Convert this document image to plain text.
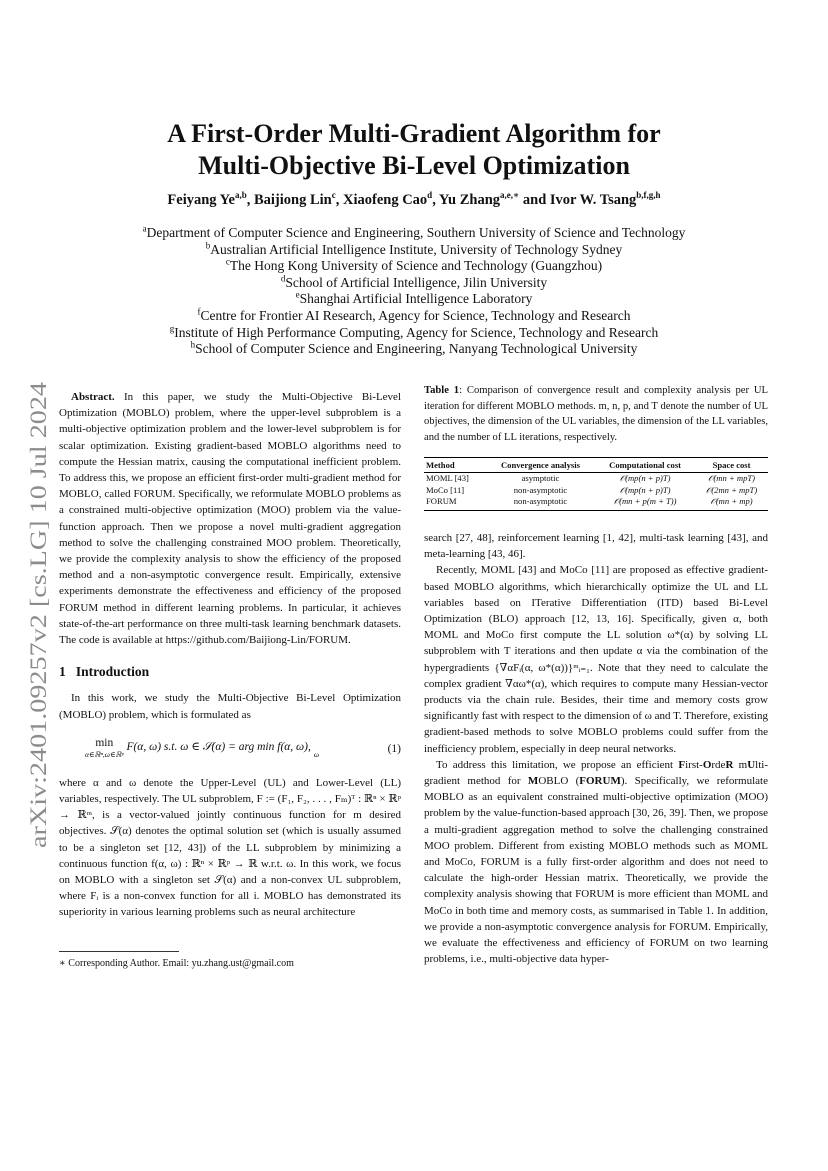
arXiv:2401.09257v2 [cs.LG] 10 Jul 2024
A First-Order Multi-Gradient Algorithm for
Multi-Objective Bi-Level Optimization
Feiyang Ye$^{a,b}$, Baijiong Lin$^c$, Xiaofeng Cao$^d$, Yu Zhang$^{a,e,∗}$ and Ivor W. Tsang$^{b,f,g,h}$
$^a$Department of Computer Science and Engineering, Southern University of Science and Technology
$^b$Australian Artificial Intelligence Institute, University of Technology Sydney
$^c$The Hong Kong University of Science and Technology (Guangzhou)
$^d$School of Artificial Intelligence, Jilin University
$^e$Shanghai Artificial Intelligence Laboratory
$^f$Centre for Frontier AI Research, Agency for Science, Technology and Research
$^g$Institute of High Performance Computing, Agency for Science, Technology and Research
$^h$School of Computer Science and Engineering, Nanyang Technological University

Abstract. In this paper, we study the Multi-Objective Bi-Level Optimization (MOBLO) problem, where the upper-level subproblem is a multi-objective optimization problem and the lower-level subproblem is for scalar optimization. Existing gradient-based MOBLO algorithms need to compute the Hessian matrix, causing the computational inefficient problem. To address this, we propose an efficient first-order multi-gradient method for MOBLO, called FORUM. Specifically, we reformulate MOBLO problems as a constrained multi-objective optimization (MOO) problem via the value-function approach. Then we propose a novel multi-gradient aggregation method to solve the challenging constrained MOO problem. Theoretically, we provide the complexity analysis to show the efficiency of the proposed method and a non-asymptotic convergence result. Empirically, extensive experiments demonstrate the effectiveness and efficiency of the proposed FORUM method in different learning problems. In particular, it achieves state-of-the-art performance on three multi-task learning benchmark datasets. The code is available at https://github.com/Baijiong-Lin/FORUM.

1 Introduction

In this work, we study the Multi-Objective Bi-Level Optimization (MOBLO) problem, which is formulated as

min
α∈ℝⁿ,ω∈ℝᵖ
F(α, ω) s.t. ω ∈ 𝒮(α) = arg min f(α, ω), $_\omega$	(1)

where α and ω denote the Upper-Level (UL) and Lower-Level (LL) variables, respectively. The UL subproblem, F := (F₁, F₂, . . . , Fₘ)ᵀ : ℝⁿ × ℝᵖ → ℝᵐ, is a vector-valued jointly continuous function for m desired objectives. 𝒮(α) denotes the optimal solution set (which is usually assumed to be a singleton set [12, 43]) of the LL subproblem by minimizing a continuous function f(α, ω) : ℝⁿ × ℝᵖ → ℝ w.r.t. ω. In this work, we focus on MOBLO with a singleton set 𝒮(α) and a non-convex UL subproblem, where Fᵢ is a non-convex function for all i. MOBLO has demonstrated its superiority in various learning problems such as neural architecture

∗ Corresponding Author. Email: yu.zhang.ust@gmail.com
Table 1: Comparison of convergence result and complexity analysis per UL iteration for different MOBLO methods. m, n, p, and T denote the number of UL objectives, the dimension of the UL variables, the dimension of the LL variables, and the number of LL iterations, respectively.
Method	Convergence analysis	Computational cost	Space cost
MOML [43]	asymptotic	𝒪(mp(n + p)T)	𝒪(mn + mpT)
MoCo [11]	non-asymptotic	𝒪(mp(n + p)T)	𝒪(2mn + mpT)
FORUM	non-asymptotic	𝒪(mn + p(m + T))	𝒪(mn + mp)

search [27, 48], reinforcement learning [1, 42], multi-task learning [43], and meta-learning [43, 46].

Recently, MOML [43] and MoCo [11] are proposed as effective gradient-based MOBLO algorithms, which hierarchically optimize the UL and LL variables based on ITerative Differentiation (ITD) based Bi-Level Optimization (BLO) approach [12, 13, 16]. Specifically, given α, both MOML and MoCo first compute the LL solution ω*(α) by solving LL subproblem with T iterations and then update α via the combination of the hypergradients {∇αFᵢ(α, ω*(α))}ᵐᵢ₌₁. Note that they need to calculate the complex gradient ∇αω*(α), which requires to compute many Hessian-vector products via the chain rule. Besides, their time and memory costs grow significantly fast with respect to the dimension of ω and T. Therefore, existing gradient-based methods to solve MOBLO problems could suffer from the inefficiency problem, especially in deep neural networks.

To address this limitation, we propose an efficient First-OrdeR mUlti-gradient method for MOBLO (FORUM). Specifically, we reformulate MOBLO as an equivalent constrained multi-objective optimization (MOO) problem by the value-function-based approach [30, 26, 39]. Then, we propose a multi-gradient aggregation method to solve the challenging constrained MOO problem. Different from existing MOBLO methods such as MOML and MoCo, FORUM is a fully first-order algorithm and does not need to calculate the high-order Hessian matrix. Theoretically, we provide the complexity analysis showing that FORUM is more efficient than MOML and MoCo in both time and memory costs, as summarised in Table 1. In addition, we provide a non-asymptotic convergence analysis for FORUM. Empirically, we evaluate the effectiveness and efficiency of FORUM on two learning problems, i.e., multi-objective data hyper-
